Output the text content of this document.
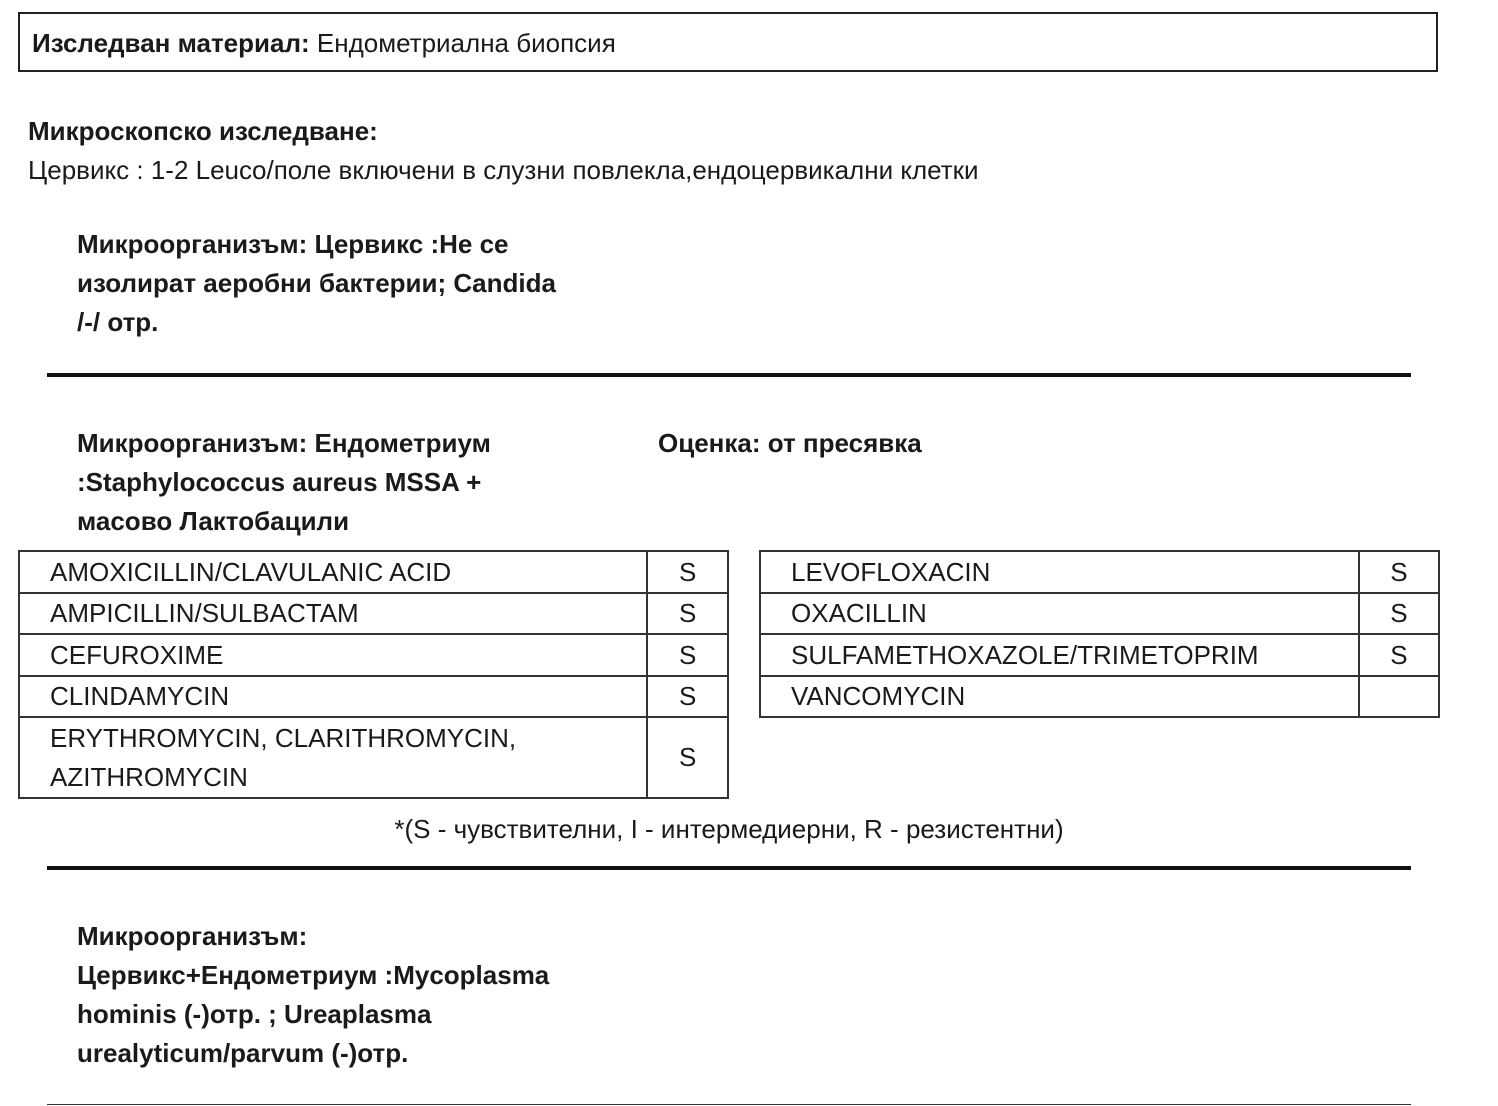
Изследван материал: Ендометриална биопсия
Микроскопско изследване:
Цервикс : 1-2 Leuco/поле включени в слузни повлекла,ендоцервикални клетки
Микроорганизъм: Цервикс :Не се
изолират аеробни бактерии; Candida
/-/ отр.
Микроорганизъм: Ендометриум
:Staphylococcus aureus MSSA +
масово Лактобацили
Оценка: от пресявка
AMOXICILLIN/CLAVULANIC ACID	S
AMPICILLIN/SULBACTAM	S
CEFUROXIME	S
CLINDAMYCIN	S
ERYTHROMYCIN, CLARITHROMYCIN,
AZITHROMYCIN	S
LEVOFLOXACIN	S
OXACILLIN	S
SULFAMETHOXAZOLE/TRIMETOPRIM	S
VANCOMYCIN	
*(S - чувствителни, I - интермедиерни, R - резистентни)
Микроорганизъм:
Цервикс+Ендометриум :Mycoplasma
hominis (-)отр. ; Ureaplasma
urealyticum/parvum (-)отр.
